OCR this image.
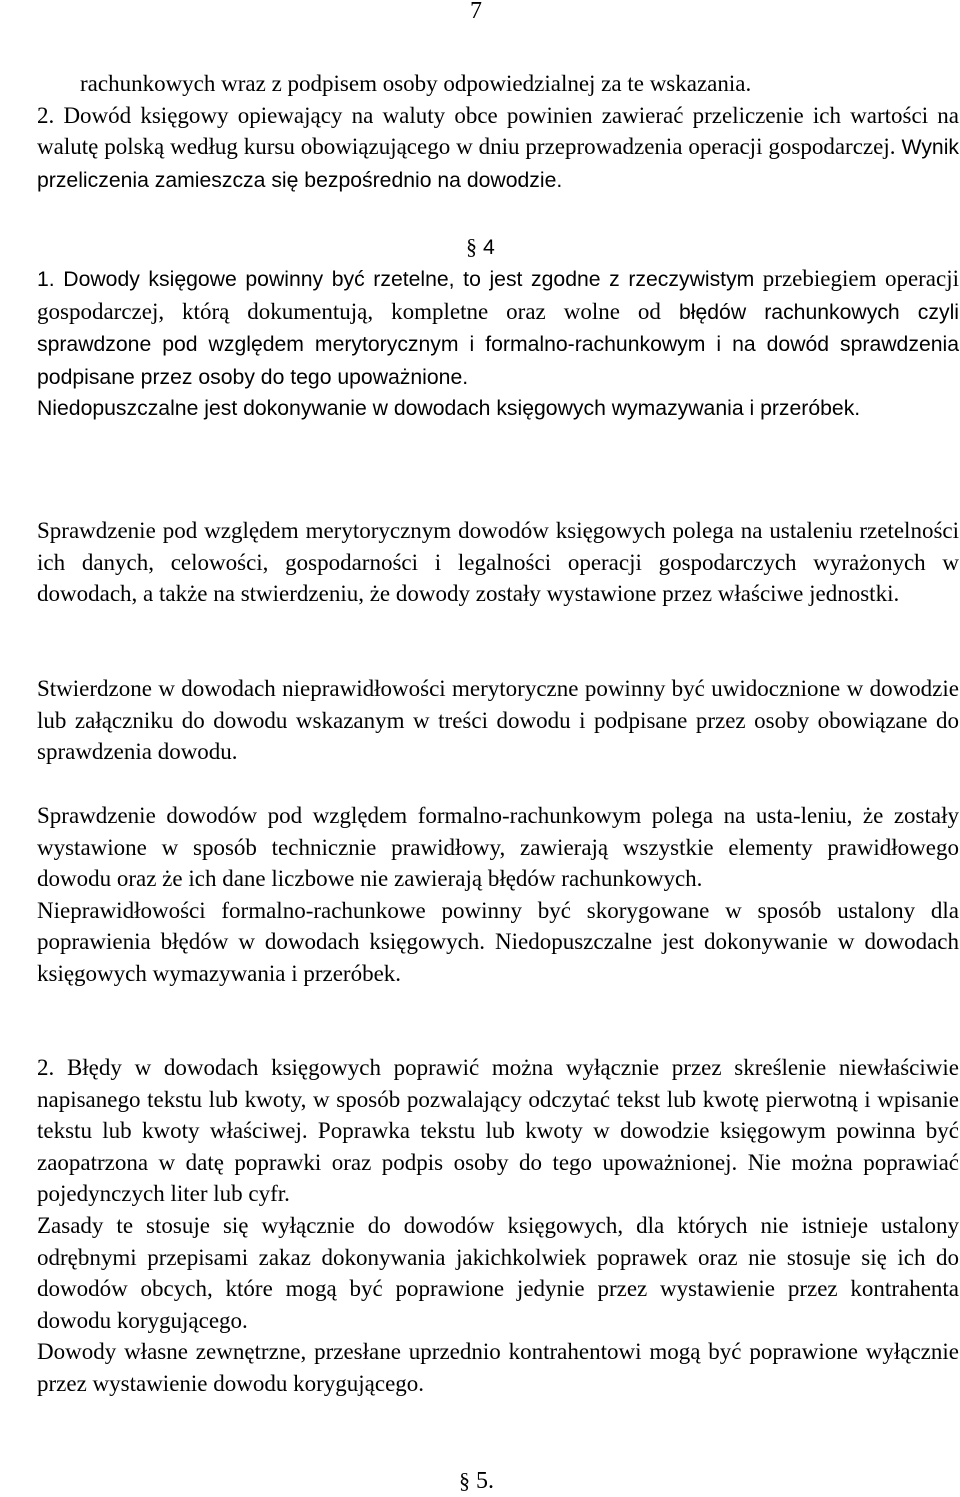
7

rachunkowych wraz z podpisem osoby odpowiedzialnej za te wskazania.

2. Dowód księgowy opiewający na waluty obce powinien zawierać przeliczenie ich wartości na walutę polską według kursu obowiązującego w dniu przeprowadzenia operacji gospodarczej. Wynik przeliczenia zamieszcza się bezpośrednio na dowodzie.

§ 4

1. Dowody księgowe powinny być rzetelne, to jest zgodne z rzeczywistym przebiegiem operacji gospodarczej, którą dokumentują, kompletne oraz wolne od błędów rachunkowych czyli sprawdzone pod względem merytorycznym i formalno-rachunkowym i na dowód sprawdzenia podpisane przez osoby do tego upoważnione.

Niedopuszczalne jest dokonywanie w dowodach księgowych wymazywania i przeróbek.

Sprawdzenie pod względem merytorycznym dowodów księgowych polega na ustaleniu rzetelności ich danych, celowości, gospodarności i legalności operacji gospodarczych wyrażonych w dowodach, a także na stwierdzeniu, że dowody zostały wystawione przez właściwe jednostki.

Stwierdzone w dowodach nieprawidłowości merytoryczne powinny być uwidocznione w dowodzie lub załączniku do dowodu wskazanym w treści dowodu i podpisane przez osoby obowiązane do sprawdzenia dowodu.

Sprawdzenie dowodów pod względem formalno-rachunkowym polega na usta-leniu, że zostały wystawione w sposób technicznie prawidłowy, zawierają wszystkie elementy prawidłowego dowodu oraz że ich dane liczbowe nie zawierają błędów rachunkowych.

Nieprawidłowości formalno-rachunkowe powinny być skorygowane w sposób ustalony dla poprawienia błędów w dowodach księgowych. Niedopuszczalne jest dokonywanie w dowodach księgowych wymazywania i przeróbek.

2. Błędy w dowodach księgowych poprawić można wyłącznie przez skreślenie niewłaściwie napisanego tekstu lub kwoty, w sposób pozwalający odczytać tekst lub kwotę pierwotną i wpisanie tekstu lub kwoty właściwej. Poprawka tekstu lub kwoty w dowodzie księgowym powinna być zaopatrzona w datę poprawki oraz podpis osoby do tego upoważnionej. Nie można poprawiać pojedynczych liter lub cyfr.

Zasady te stosuje się wyłącznie do dowodów księgowych, dla których nie istnieje ustalony odrębnymi przepisami zakaz dokonywania jakichkolwiek poprawek oraz nie stosuje się ich do dowodów obcych, które mogą być poprawione jedynie przez wystawienie przez kontrahenta dowodu korygującego.

Dowody własne zewnętrzne, przesłane uprzednio kontrahentowi mogą być poprawione wyłącznie przez wystawienie dowodu korygującego.

§ 5.
